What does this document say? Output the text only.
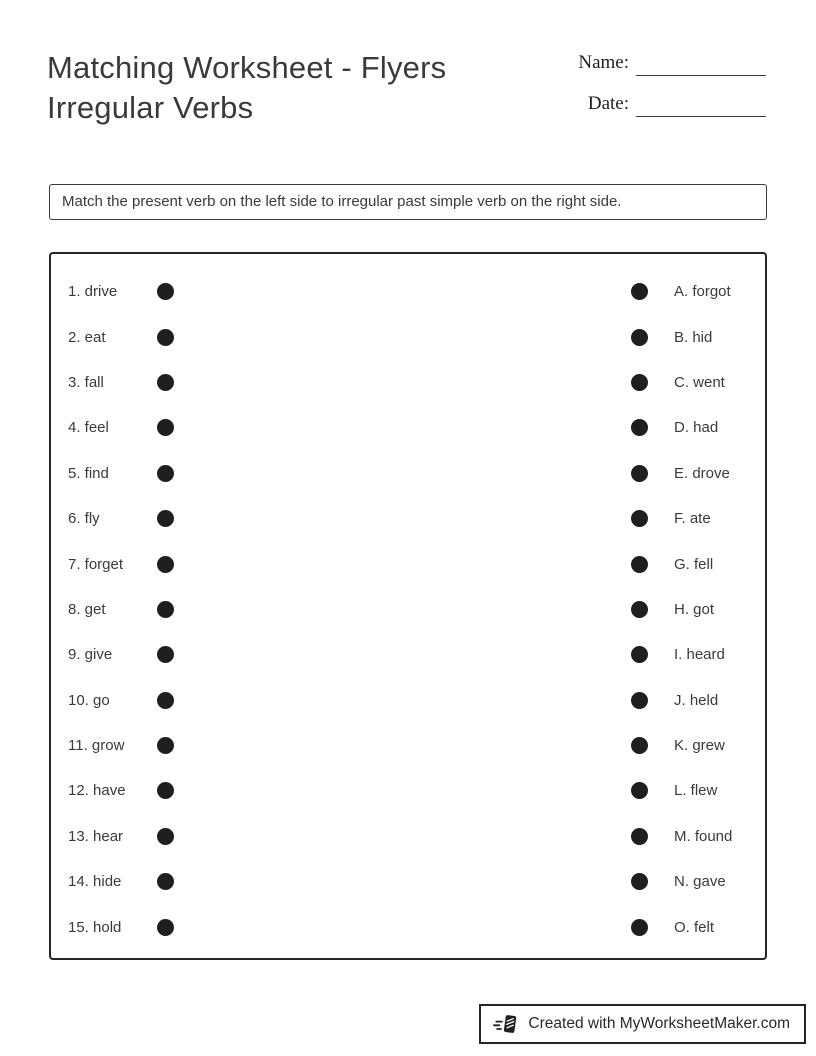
Matching Worksheet - Flyers Irregular Verbs
Name:
Date:
Match the present verb on the left side to irregular past simple verb on the right side.
1. drive	A. forgot
2. eat	B. hid
3. fall	C. went
4. feel	D. had
5. find	E. drove
6. fly	F. ate
7. forget	G. fell
8. get	H. got
9. give	I. heard
10. go	J. held
11. grow	K. grew
12. have	L. flew
13. hear	M. found
14. hide	N. gave
15. hold	O. felt
Created with MyWorksheetMaker.com
